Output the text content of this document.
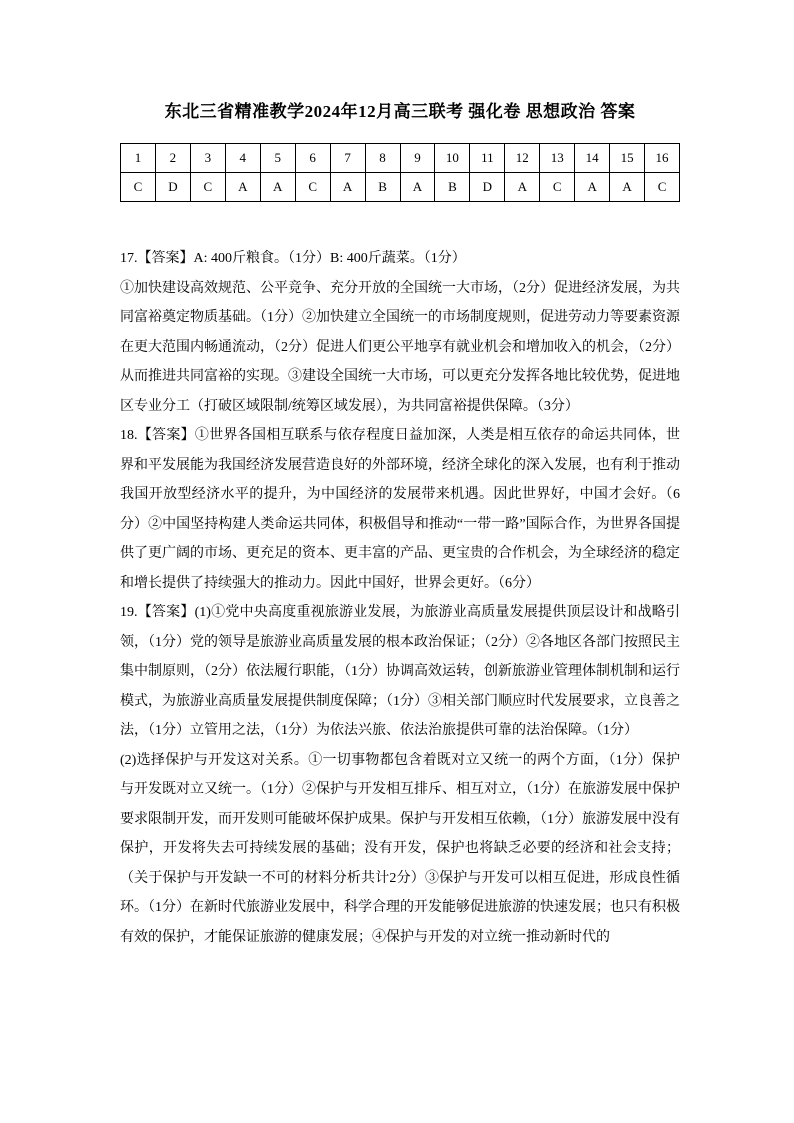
东北三省精准教学2024年12月高三联考 强化卷 思想政治 答案
1	2	3	4	5	6	7	8	9	10	11	12	13	14	15	16
C	D	C	A	A	C	A	B	A	B	D	A	C	A	A	C

17.【答案】A: 400斤粮食。（1分）B: 400斤蔬菜。（1分）

①加快建设高效规范、公平竞争、充分开放的全国统一大市场，（2分）促进经济发展，为共同富裕奠定物质基础。（1分）②加快建立全国统一的市场制度规则，促进劳动力等要素资源在更大范围内畅通流动，（2分）促进人们更公平地享有就业机会和增加收入的机会，（2分）从而推进共同富裕的实现。③建设全国统一大市场，可以更充分发挥各地比较优势，促进地区专业分工（打破区域限制/统筹区域发展），为共同富裕提供保障。（3分）

18.【答案】①世界各国相互联系与依存程度日益加深，人类是相互依存的命运共同体，世界和平发展能为我国经济发展营造良好的外部环境，经济全球化的深入发展，也有利于推动我国开放型经济水平的提升，为中国经济的发展带来机遇。因此世界好，中国才会好。（6分）②中国坚持构建人类命运共同体，积极倡导和推动“一带一路”国际合作，为世界各国提供了更广阔的市场、更充足的资本、更丰富的产品、更宝贵的合作机会，为全球经济的稳定和增长提供了持续强大的推动力。因此中国好，世界会更好。（6分）

19.【答案】(1)①党中央高度重视旅游业发展，为旅游业高质量发展提供顶层设计和战略引领，（1分）党的领导是旅游业高质量发展的根本政治保证；（2分）②各地区各部门按照民主集中制原则，（2分）依法履行职能，（1分）协调高效运转，创新旅游业管理体制机制和运行模式，为旅游业高质量发展提供制度保障；（1分）③相关部门顺应时代发展要求，立良善之法，（1分）立管用之法，（1分）为依法兴旅、依法治旅提供可靠的法治保障。（1分）

(2)选择保护与开发这对关系。①一切事物都包含着既对立又统一的两个方面，（1分）保护与开发既对立又统一。（1分）②保护与开发相互排斥、相互对立，（1分）在旅游发展中保护要求限制开发，而开发则可能破坏保护成果。保护与开发相互依赖，（1分）旅游发展中没有保护，开发将失去可持续发展的基础；没有开发，保护也将缺乏必要的经济和社会支持；（关于保护与开发缺一不可的材料分析共计2分）③保护与开发可以相互促进，形成良性循环。（1分）在新时代旅游业发展中，科学合理的开发能够促进旅游的快速发展；也只有积极有效的保护，才能保证旅游的健康发展；④保护与开发的对立统一推动新时代的
